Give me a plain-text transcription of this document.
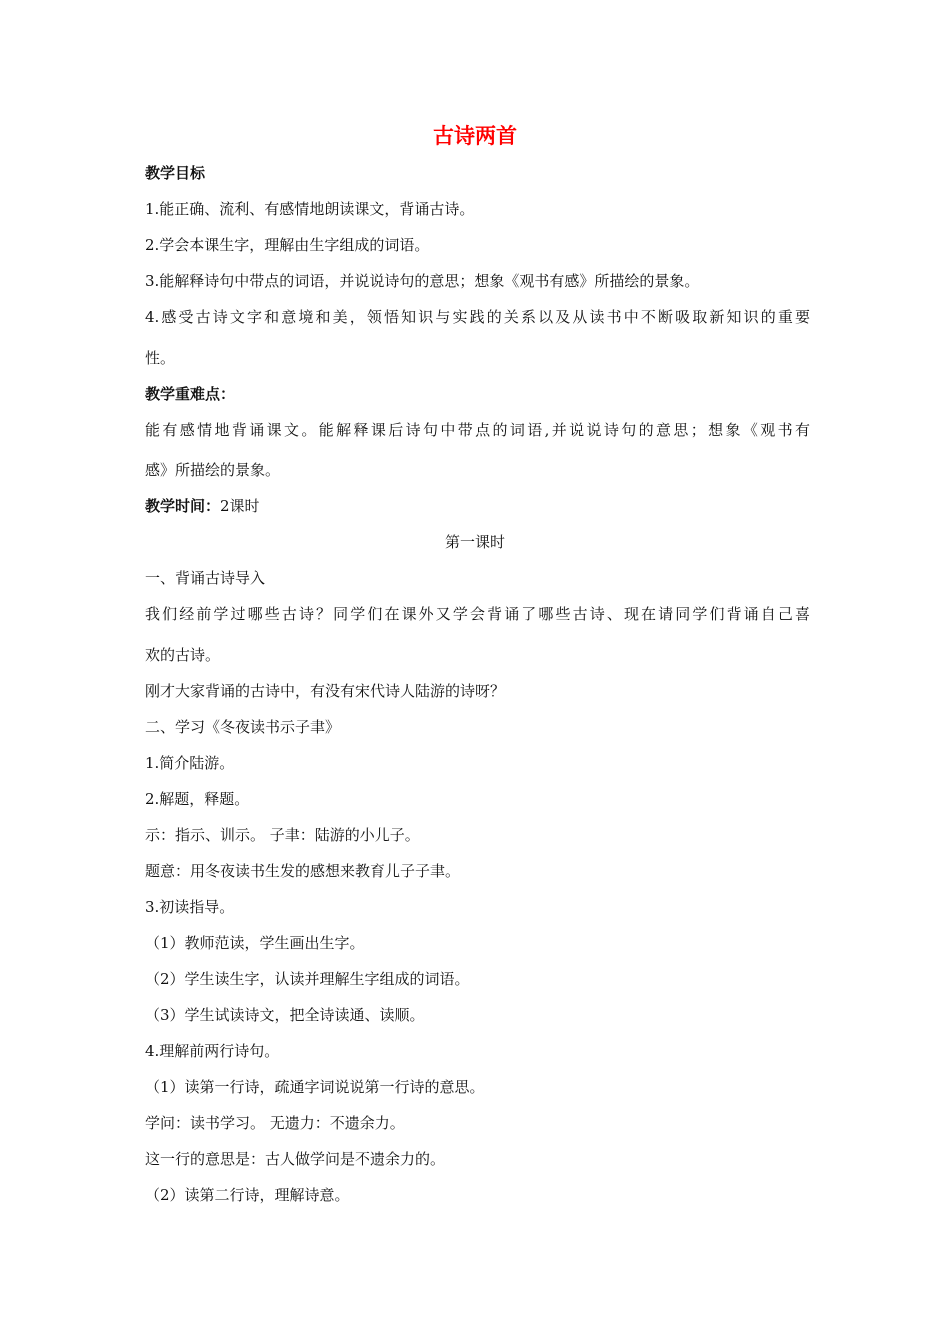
古诗两首
教学目标
1.能正确、流利、有感情地朗读课文，背诵古诗。
2.学会本课生字，理解由生字组成的词语。
3.能解释诗句中带点的词语，并说说诗句的意思；想象《观书有感》所描绘的景象。
4.感受古诗文字和意境和美，领悟知识与实践的关系以及从读书中不断吸取新知识的重要
性。
教学重难点：
能有感情地背诵课文。能解释课后诗句中带点的词语,并说说诗句的意思；想象《观书有
感》所描绘的景象。
教学时间：2课时
第一课时
一、背诵古诗导入
我们经前学过哪些古诗？同学们在课外又学会背诵了哪些古诗、现在请同学们背诵自己喜
欢的古诗。
刚才大家背诵的古诗中，有没有宋代诗人陆游的诗呀？
二、学习《冬夜读书示子聿》
1.简介陆游。
2.解题，释题。
示：指示、训示。 子聿：陆游的小儿子。
题意：用冬夜读书生发的感想来教育儿子子聿。
3.初读指导。
（1）教师范读，学生画出生字。
（2）学生读生字，认读并理解生字组成的词语。
（3）学生试读诗文，把全诗读通、读顺。
4.理解前两行诗句。
（1）读第一行诗，疏通字词说说第一行诗的意思。
学问：读书学习。 无遗力：不遗余力。
这一行的意思是：古人做学问是不遗余力的。
（2）读第二行诗，理解诗意。
